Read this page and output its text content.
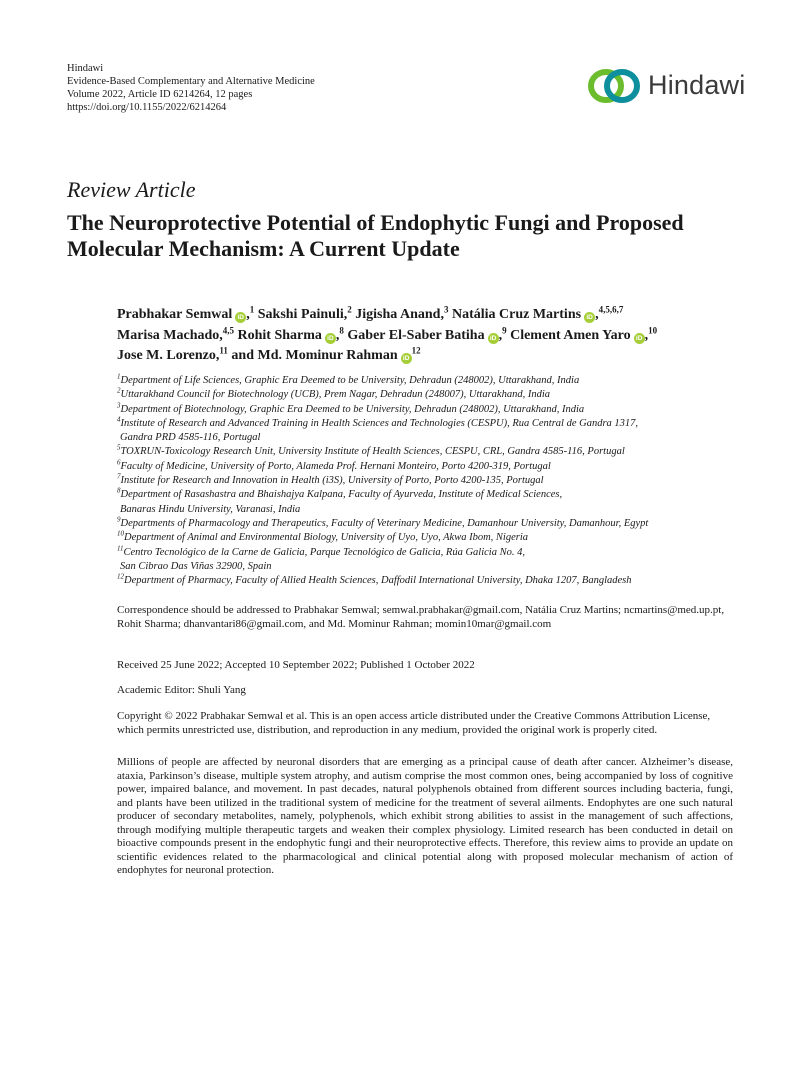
Hindawi
Evidence-Based Complementary and Alternative Medicine
Volume 2022, Article ID 6214264, 12 pages
https://doi.org/10.1155/2022/6214264
Hindawi
Review Article
The Neuroprotective Potential of Endophytic Fungi and Proposed Molecular Mechanism: A Current Update
Prabhakar Semwal iD ,$^1$ Sakshi Painuli,$^2$ Jigisha Anand,$^3$ Natália Cruz Martins iD ,$^{4,5,6,7}$
Marisa Machado,$^{4,5}$ Rohit Sharma iD ,$^8$ Gaber El-Saber Batiha iD ,$^9$ Clement Amen Yaro iD ,$^{10}$
Jose M. Lorenzo,$^{11}$ and Md. Mominur Rahman $iD^{12}$
$^1$Department of Life Sciences, Graphic Era Deemed to be University, Dehradun (248002), Uttarakhand, India
$^2$Uttarakhand Council for Biotechnology (UCB), Prem Nagar, Dehradun (248007), Uttarakhand, India
$^3$Department of Biotechnology, Graphic Era Deemed to be University, Dehradun (248002), Uttarakhand, India
$^4$Institute of Research and Advanced Training in Health Sciences and Technologies (CESPU), Rua Central de Gandra 1317,
Gandra PRD 4585-116, Portugal
$^5$TOXRUN-Toxicology Research Unit, University Institute of Health Sciences, CESPU, CRL, Gandra 4585-116, Portugal
$^6$Faculty of Medicine, University of Porto, Alameda Prof. Hernani Monteiro, Porto 4200-319, Portugal
$^7$Institute for Research and Innovation in Health (i3S), University of Porto, Porto 4200-135, Portugal
$^8$Department of Rasashastra and Bhaishajya Kalpana, Faculty of Ayurveda, Institute of Medical Sciences,
Banaras Hindu University, Varanasi, India
$^9$Departments of Pharmacology and Therapeutics, Faculty of Veterinary Medicine, Damanhour University, Damanhour, Egypt
$^{10}$Department of Animal and Environmental Biology, University of Uyo, Uyo, Akwa Ibom, Nigeria
$^{11}$Centro Tecnológico de la Carne de Galicia, Parque Tecnológico de Galicia, Rúa Galicia No. 4,
San Cibrao Das Viñas 32900, Spain
$^{12}$Department of Pharmacy, Faculty of Allied Health Sciences, Daffodil International University, Dhaka 1207, Bangladesh
Correspondence should be addressed to Prabhakar Semwal; semwal.prabhakar@gmail.com, Natália Cruz Martins; ncmartins@med.up.pt, Rohit Sharma; dhanvantari86@gmail.com, and Md. Mominur Rahman; momin10mar@gmail.com
Received 25 June 2022; Accepted 10 September 2022; Published 1 October 2022
Academic Editor: Shuli Yang
Copyright © 2022 Prabhakar Semwal et al. This is an open access article distributed under the Creative Commons Attribution License, which permits unrestricted use, distribution, and reproduction in any medium, provided the original work is properly cited.
Millions of people are affected by neuronal disorders that are emerging as a principal cause of death after cancer. Alzheimer’s disease, ataxia, Parkinson’s disease, multiple system atrophy, and autism comprise the most common ones, being accompanied by loss of cognitive power, impaired balance, and movement. In past decades, natural polyphenols obtained from different sources including bacteria, fungi, and plants have been utilized in the traditional system of medicine for the treatment of several ailments. Endophytes are one such natural producer of secondary metabolites, namely, polyphenols, which exhibit strong abilities to assist in the management of such affections, through modifying multiple therapeutic targets and weaken their complex physiology. Limited research has been conducted in detail on bioactive compounds present in the endophytic fungi and their neuroprotective effects. Therefore, this review aims to provide an update on scientific evidences related to the pharmacological and clinical potential along with proposed molecular mechanism of action of endophytes for neuronal protection.
